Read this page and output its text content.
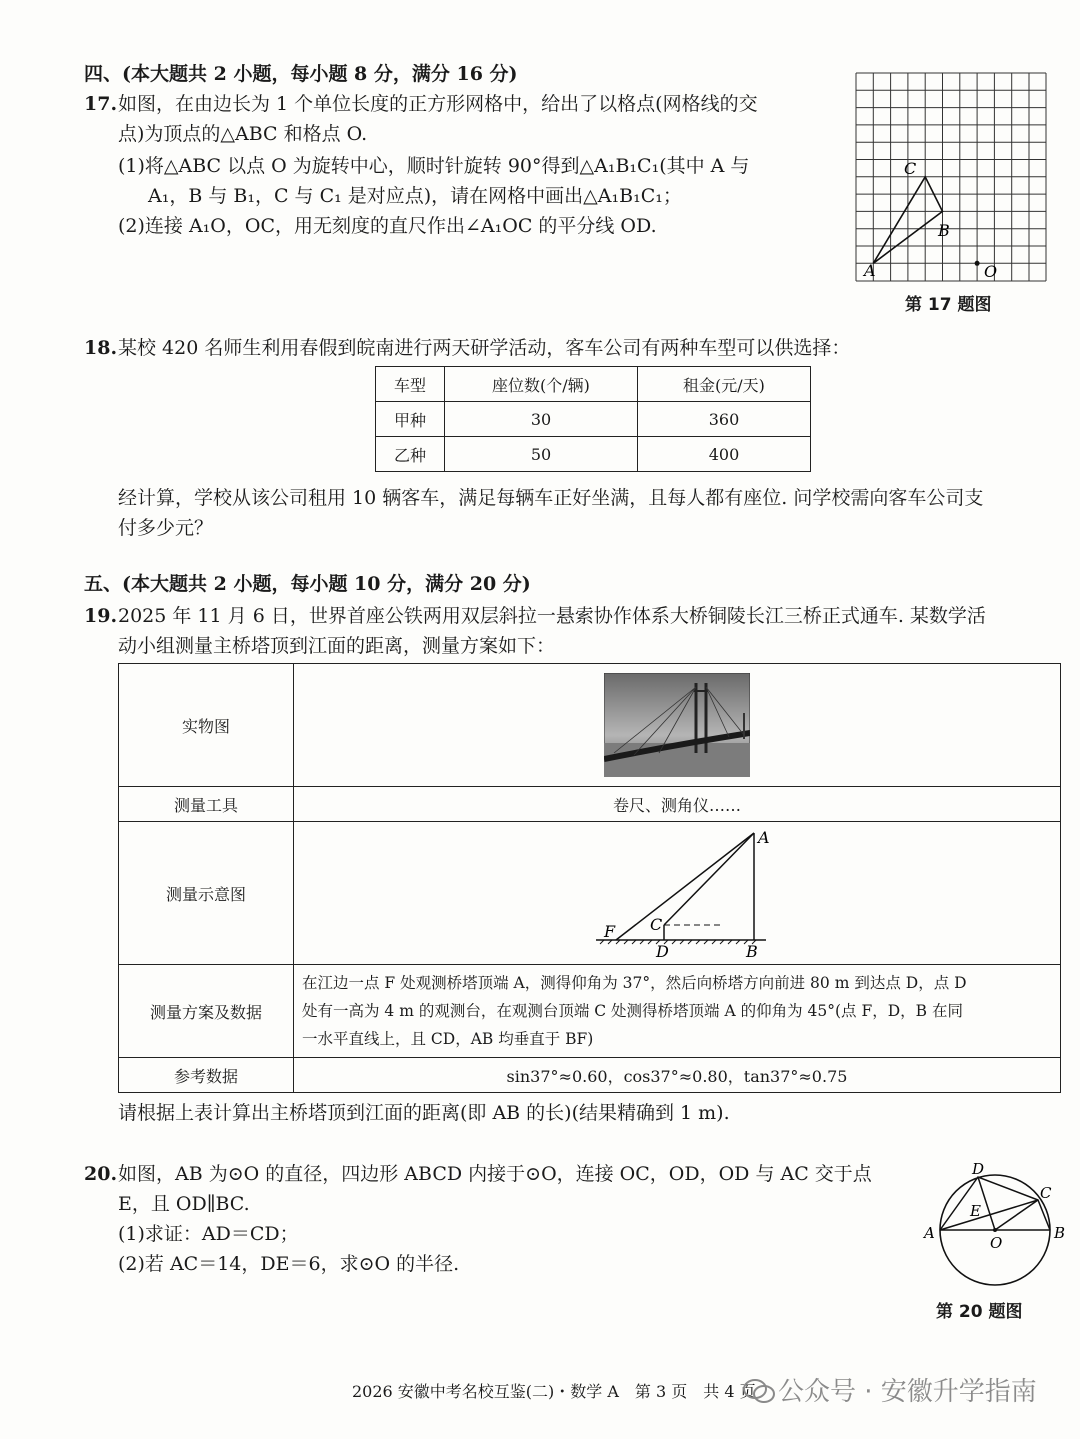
四、(本大题共 2 小题，每小题 8 分，满分 16 分)
17. 如图，在由边长为 1 个单位长度的正方形网格中，给出了以格点(网格线的交
点)为顶点的△ABC 和格点 O.
(1)将△ABC 以点 O 为旋转中心，顺时针旋转 90°得到△A₁B₁C₁(其中 A 与
A₁，B 与 B₁，C 与 C₁ 是对应点)，请在网格中画出△A₁B₁C₁；
(2)连接 A₁O，OC，用无刻度的直尺作出∠A₁OC 的平分线 OD.
A
B
C
O
第 17 题图
18. 某校 420 名师生利用春假到皖南进行两天研学活动，客车公司有两种车型可以供选择：
车型	座位数(个/辆)	租金(元/天)
甲种	30	360
乙种	50	400
经计算，学校从该公司租用 10 辆客车，满足每辆车正好坐满，且每人都有座位. 问学校需向客车公司支
付多少元？
五、(本大题共 2 小题，每小题 10 分，满分 20 分)
19. 2025 年 11 月 6 日，世界首座公铁两用双层斜拉一悬索协作体系大桥铜陵长江三桥正式通车. 某数学活
动小组测量主桥塔顶到江面的距离，测量方案如下：
实物图	

测量工具	卷尺、测角仪……
测量示意图	A
B
C
D
F

测量方案及数据	在江边一点 F 处观测桥塔顶端 A，测得仰角为 37°，然后向桥塔方向前进 80 m 到达点 D，点 D
处有一高为 4 m 的观测台，在观测台顶端 C 处测得桥塔顶端 A 的仰角为 45°(点 F，D，B 在同
一水平直线上，且 CD，AB 均垂直于 BF)

参考数据	sin37°≈0.60，cos37°≈0.80，tan37°≈0.75
请根据上表计算出主桥塔顶到江面的距离(即 AB 的长)(结果精确到 1 m).
20. 如图，AB 为⊙O 的直径，四边形 ABCD 内接于⊙O，连接 OC，OD，OD 与 AC 交于点
E，且 OD∥BC.
(1)求证：AD＝CD；
(2)若 AC＝14，DE＝6，求⊙O 的半径.
A	B
C
D
E
O
第 20 题图
2026 安徽中考名校互鉴(二)・数学 A　第 3 页　共 4 页 公众号 · 安徽升学指南
